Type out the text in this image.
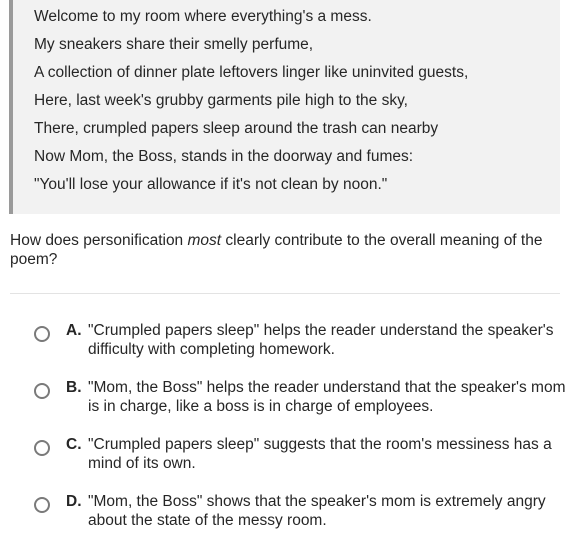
Welcome to my room where everything's a mess.
My sneakers share their smelly perfume,
A collection of dinner plate leftovers linger like uninvited guests,
Here, last week's grubby garments pile high to the sky,
There, crumpled papers sleep around the trash can nearby
Now Mom, the Boss, stands in the doorway and fumes:
"You'll lose your allowance if it's not clean by noon."
How does personification most clearly contribute to the overall meaning of the poem?
A. "Crumpled papers sleep" helps the reader understand the speaker's difficulty with completing homework.
B. "Mom, the Boss" helps the reader understand that the speaker's mom is in charge, like a boss is in charge of employees.
C. "Crumpled papers sleep" suggests that the room's messiness has a mind of its own.
D. "Mom, the Boss" shows that the speaker's mom is extremely angry about the state of the messy room.
